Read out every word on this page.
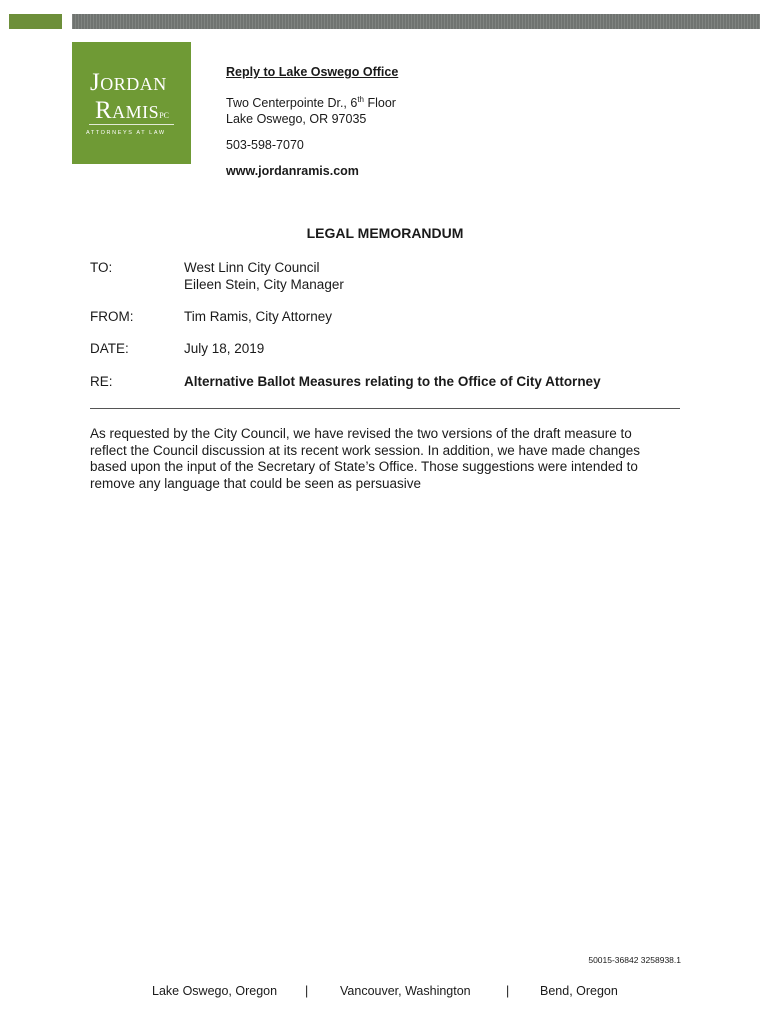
Jordan
RamisPC
ATTORNEYS AT LAW
Reply to Lake Oswego Office
Two Centerpointe Dr., 6th Floor
Lake Oswego, OR 97035
503-598-7070
www.jordanramis.com
LEGAL MEMORANDUM
TO:	West Linn City Council
Eileen Stein, City Manager
FROM:	Tim Ramis, City Attorney
DATE:	July 18, 2019
RE:	Alternative Ballot Measures relating to the Office of City Attorney
As requested by the City Council, we have revised the two versions of the draft measure to
reflect the Council discussion at its recent work session. In addition, we have made changes
based upon the input of the Secretary of State’s Office. Those suggestions were intended to
remove any language that could be seen as persuasive
50015-36842 3258938.1
Lake Oswego, Oregon |	Vancouver, Washington	| Bend, Oregon
